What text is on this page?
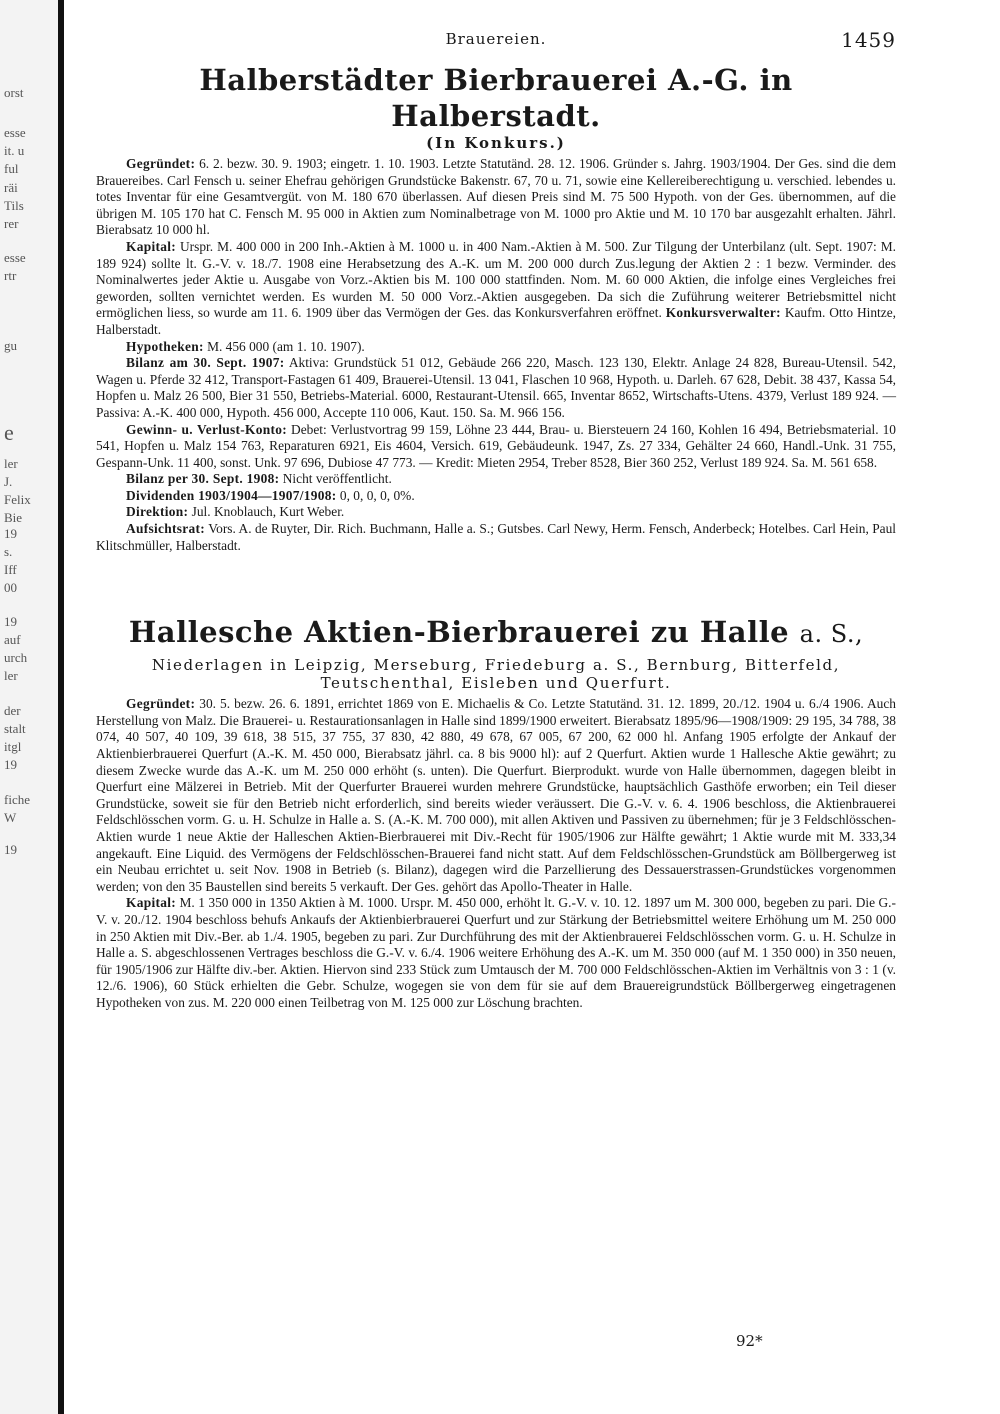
orst
esse
it. u
ful
räi
Tils
rer
esse
rtr
gu
e
ler
J.
Felix
Bie
19
s.
Iff
00
19
auf
urch
ler
der
stalt
itgl
19
fiche
W
19
Brauereien.	1459
Halberstädter Bierbrauerei A.-G. in Halberstadt.

(In Konkurs.)

Gegründet: 6. 2. bezw. 30. 9. 1903; eingetr. 1. 10. 1903. Letzte Statutänd. 28. 12. 1906. Gründer s. Jahrg. 1903/1904. Der Ges. sind die dem Brauereibes. Carl Fensch u. seiner Ehefrau gehörigen Grundstücke Bakenstr. 67, 70 u. 71, sowie eine Kellereiberechtigung u. verschied. lebendes u. totes Inventar für eine Gesamtvergüt. von M. 180 670 überlassen. Auf diesen Preis sind M. 75 500 Hypoth. von der Ges. übernommen, auf die übrigen M. 105 170 hat C. Fensch M. 95 000 in Aktien zum Nominalbetrage von M. 1000 pro Aktie und M. 10 170 bar ausgezahlt erhalten. Jährl. Bierabsatz 10 000 hl.

Kapital: Urspr. M. 400 000 in 200 Inh.-Aktien à M. 1000 u. in 400 Nam.-Aktien à M. 500. Zur Tilgung der Unterbilanz (ult. Sept. 1907: M. 189 924) sollte lt. G.-V. v. 18./7. 1908 eine Herabsetzung des A.-K. um M. 200 000 durch Zus.legung der Aktien 2 : 1 bezw. Verminder. des Nominalwertes jeder Aktie u. Ausgabe von Vorz.-Aktien bis M. 100 000 stattfinden. Nom. M. 60 000 Aktien, die infolge eines Vergleiches frei geworden, sollten vernichtet werden. Es wurden M. 50 000 Vorz.-Aktien ausgegeben. Da sich die Zuführung weiterer Betriebsmittel nicht ermöglichen liess, so wurde am 11. 6. 1909 über das Vermögen der Ges. das Konkursverfahren eröffnet. Konkursverwalter: Kaufm. Otto Hintze, Halberstadt.

Hypotheken: M. 456 000 (am 1. 10. 1907).

Bilanz am 30. Sept. 1907: Aktiva: Grundstück 51 012, Gebäude 266 220, Masch. 123 130, Elektr. Anlage 24 828, Bureau-Utensil. 542, Wagen u. Pferde 32 412, Transport-Fastagen 61 409, Brauerei-Utensil. 13 041, Flaschen 10 968, Hypoth. u. Darleh. 67 628, Debit. 38 437, Kassa 54, Hopfen u. Malz 26 500, Bier 31 550, Betriebs-Material. 6000, Restaurant-Utensil. 665, Inventar 8652, Wirtschafts-Utens. 4379, Verlust 189 924. — Passiva: A.-K. 400 000, Hypoth. 456 000, Accepte 110 006, Kaut. 150. Sa. M. 966 156.

Gewinn- u. Verlust-Konto: Debet: Verlustvortrag 99 159, Löhne 23 444, Brau- u. Biersteuern 24 160, Kohlen 16 494, Betriebsmaterial. 10 541, Hopfen u. Malz 154 763, Reparaturen 6921, Eis 4604, Versich. 619, Gebäudeunk. 1947, Zs. 27 334, Gehälter 24 660, Handl.-Unk. 31 755, Gespann-Unk. 11 400, sonst. Unk. 97 696, Dubiose 47 773. — Kredit: Mieten 2954, Treber 8528, Bier 360 252, Verlust 189 924. Sa. M. 561 658.

Bilanz per 30. Sept. 1908: Nicht veröffentlicht.

Dividenden 1903/1904—1907/1908: 0, 0, 0, 0, 0%.

Direktion: Jul. Knoblauch, Kurt Weber.

Aufsichtsrat: Vors. A. de Ruyter, Dir. Rich. Buchmann, Halle a. S.; Gutsbes. Carl Newy, Herm. Fensch, Anderbeck; Hotelbes. Carl Hein, Paul Klitschmüller, Halberstadt.

Hallesche Aktien-Bierbrauerei zu Halle a. S.,

Niederlagen in Leipzig, Merseburg, Friedeburg a. S., Bernburg, Bitterfeld, Teutschenthal, Eisleben und Querfurt.

Gegründet: 30. 5. bezw. 26. 6. 1891, errichtet 1869 von E. Michaelis & Co. Letzte Statutänd. 31. 12. 1899, 20./12. 1904 u. 6./4 1906. Auch Herstellung von Malz. Die Brauerei- u. Restaurationsanlagen in Halle sind 1899/1900 erweitert. Bierabsatz 1895/96—1908/1909: 29 195, 34 788, 38 074, 40 507, 40 109, 39 618, 38 515, 37 755, 37 830, 42 880, 49 678, 67 005, 67 200, 62 000 hl. Anfang 1905 erfolgte der Ankauf der Aktienbierbrauerei Querfurt (A.-K. M. 450 000, Bierabsatz jährl. ca. 8 bis 9000 hl): auf 2 Querfurt. Aktien wurde 1 Hallesche Aktie gewährt; zu diesem Zwecke wurde das A.-K. um M. 250 000 erhöht (s. unten). Die Querfurt. Bierprodukt. wurde von Halle übernommen, dagegen bleibt in Querfurt eine Mälzerei in Betrieb. Mit der Querfurter Brauerei wurden mehrere Grundstücke, hauptsächlich Gasthöfe erworben; ein Teil dieser Grundstücke, soweit sie für den Betrieb nicht erforderlich, sind bereits wieder veräussert. Die G.-V. v. 6. 4. 1906 beschloss, die Aktienbrauerei Feldschlösschen vorm. G. u. H. Schulze in Halle a. S. (A.-K. M. 700 000), mit allen Aktiven und Passiven zu übernehmen; für je 3 Feldschlösschen-Aktien wurde 1 neue Aktie der Halleschen Aktien-Bierbrauerei mit Div.-Recht für 1905/1906 zur Hälfte gewährt; 1 Aktie wurde mit M. 333,34 angekauft. Eine Liquid. des Vermögens der Feldschlösschen-Brauerei fand nicht statt. Auf dem Feldschlösschen-Grundstück am Böllbergerweg ist ein Neubau errichtet u. seit Nov. 1908 in Betrieb (s. Bilanz), dagegen wird die Parzellierung des Dessauerstrassen-Grundstückes vorgenommen werden; von den 35 Baustellen sind bereits 5 verkauft. Der Ges. gehört das Apollo-Theater in Halle.

Kapital: M. 1 350 000 in 1350 Aktien à M. 1000. Urspr. M. 450 000, erhöht lt. G.-V. v. 10. 12. 1897 um M. 300 000, begeben zu pari. Die G.-V. v. 20./12. 1904 beschloss behufs Ankaufs der Aktienbierbrauerei Querfurt und zur Stärkung der Betriebsmittel weitere Erhöhung um M. 250 000 in 250 Aktien mit Div.-Ber. ab 1./4. 1905, begeben zu pari. Zur Durchführung des mit der Aktienbrauerei Feldschlösschen vorm. G. u. H. Schulze in Halle a. S. abgeschlossenen Vertrages beschloss die G.-V. v. 6./4. 1906 weitere Erhöhung des A.-K. um M. 350 000 (auf M. 1 350 000) in 350 neuen, für 1905/1906 zur Hälfte div.-ber. Aktien. Hiervon sind 233 Stück zum Umtausch der M. 700 000 Feldschlösschen-Aktien im Verhältnis von 3 : 1 (v. 12./6. 1906), 60 Stück erhielten die Gebr. Schulze, wogegen sie von dem für sie auf dem Brauereigrundstück Böllbergerweg eingetragenen Hypotheken von zus. M. 220 000 einen Teilbetrag von M. 125 000 zur Löschung brachten.

92*
